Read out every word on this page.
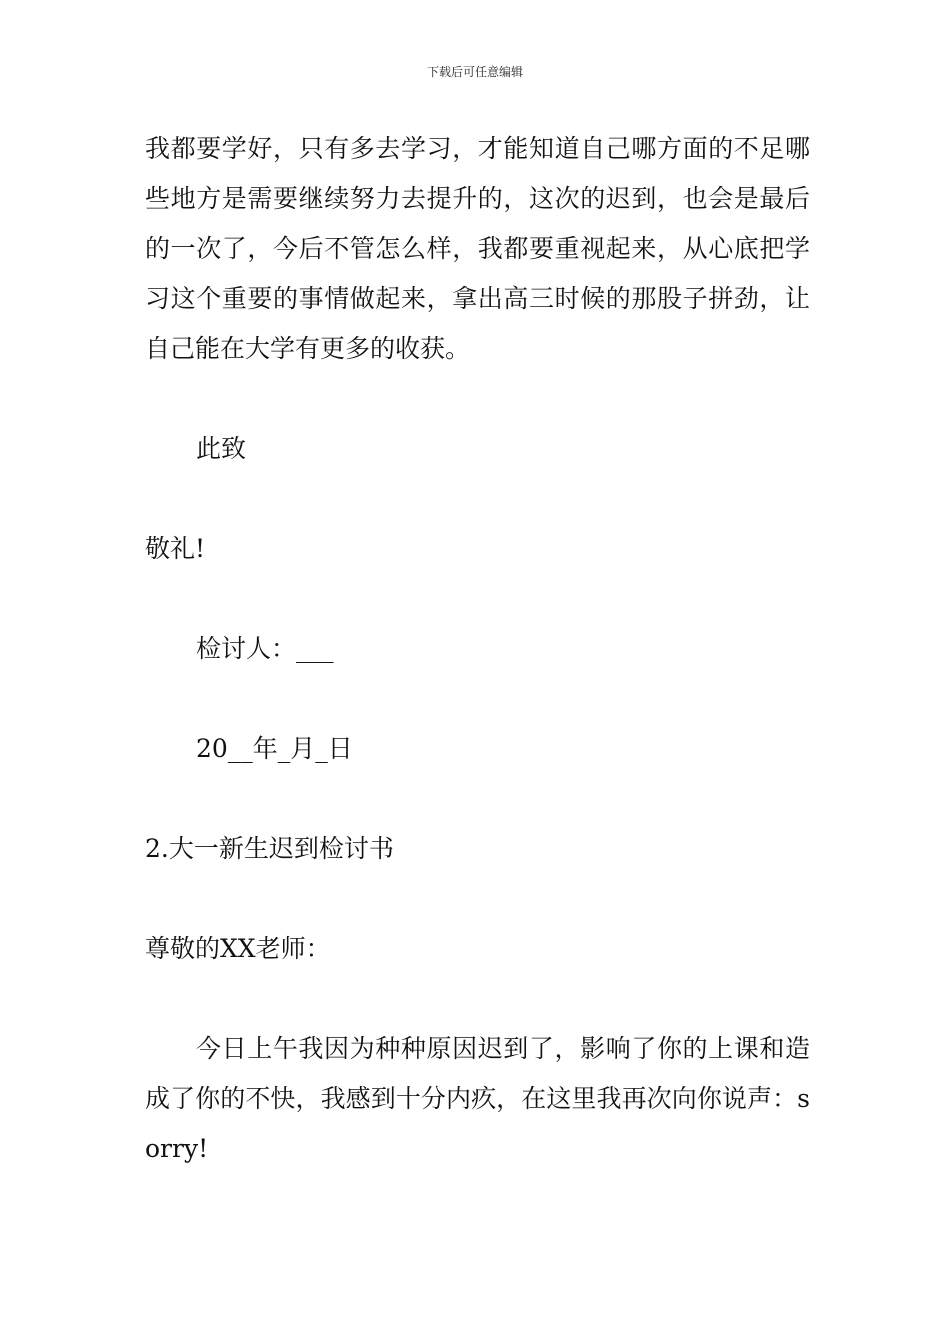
下载后可任意编辑

我都要学好，只有多去学习，才能知道自己哪方面的不足哪些地方是需要继续努力去提升的，这次的迟到，也会是最后的一次了，今后不管怎么样，我都要重视起来，从心底把学习这个重要的事情做起来，拿出高三时候的那股子拼劲，让自己能在大学有更多的收获。

此致

敬礼!

检讨人：___

20__年_月_日

2.大一新生迟到检讨书

尊敬的XX老师：

今日上午我因为种种原因迟到了，影响了你的上课和造成了你的不快，我感到十分内疚，在这里我再次向你说声：sorry!
